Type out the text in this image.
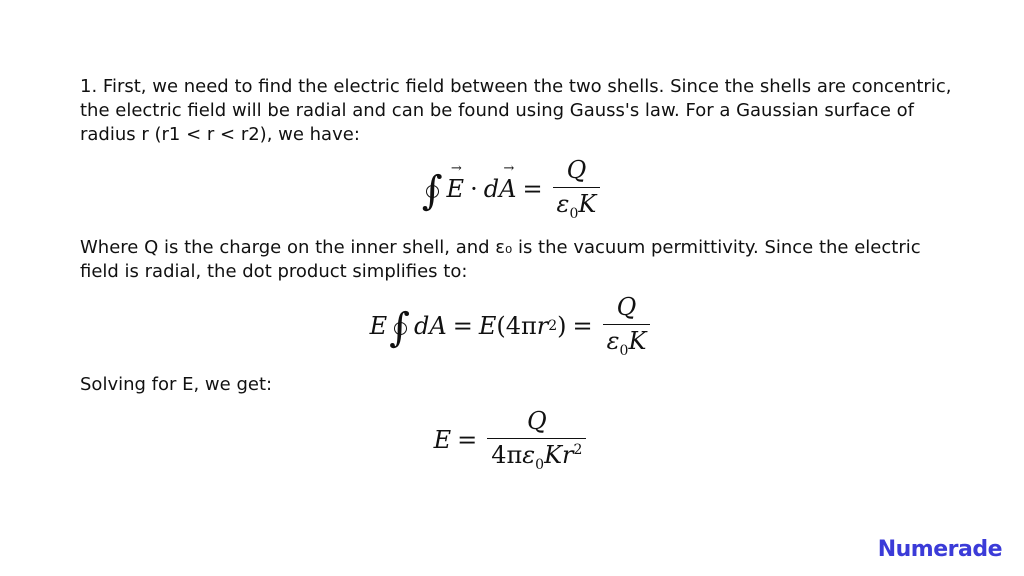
1. First, we need to find the electric field between the two shells. Since the shells are concentric, the electric field will be radial and can be found using Gauss's law. For a Gaussian surface of radius r (r1 < r < r2), we have:

∫
→ E · d
→ $A = \frac{Q}{\varepsilon_0K}$

Where Q is the charge on the inner shell, and ε₀ is the vacuum permittivity. Since the electric field is radial, the dot product simplifies to:

E ∫ d A = E (4π r 2 ) = $\frac{Q}{\varepsilon_0K}$

Solving for E, we get:

$E = \frac{Q}{4\pi\varepsilon_0Kr^2}$
Numerade
